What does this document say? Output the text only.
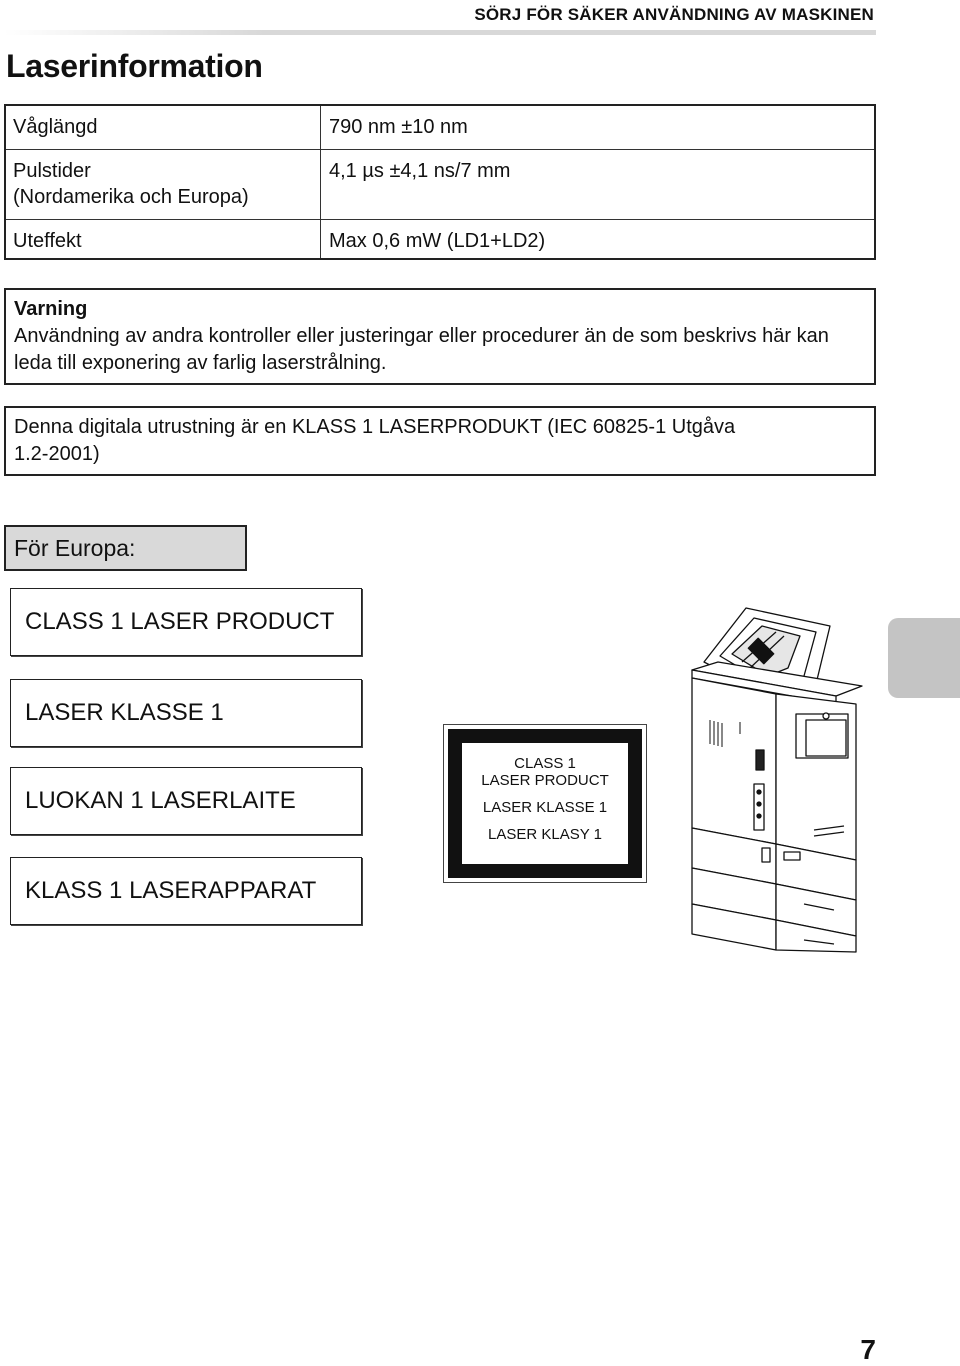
SÖRJ FÖR SÄKER ANVÄNDNING AV MASKINEN
Laserinformation
Våglängd	790 nm ±10 nm
Pulstider
(Nordamerika och Europa)
4,1 µs ±4,1 ns/7 mm
Uteffekt	Max 0,6 mW (LD1+LD2)
Varning
Användning av andra kontroller eller justeringar eller procedurer än de som beskrivs här kan
leda till exponering av farlig laserstrålning.
Denna digitala utrustning är en KLASS 1 LASERPRODUKT (IEC 60825-1 Utgåva
1.2-2001)
För Europa:
CLASS 1 LASER PRODUCT
LASER KLASSE 1
LUOKAN 1 LASERLAITE
KLASS 1 LASERAPPARAT
CLASS 1
LASER PRODUCT
LASER KLASSE 1
LASER KLASY 1
7
